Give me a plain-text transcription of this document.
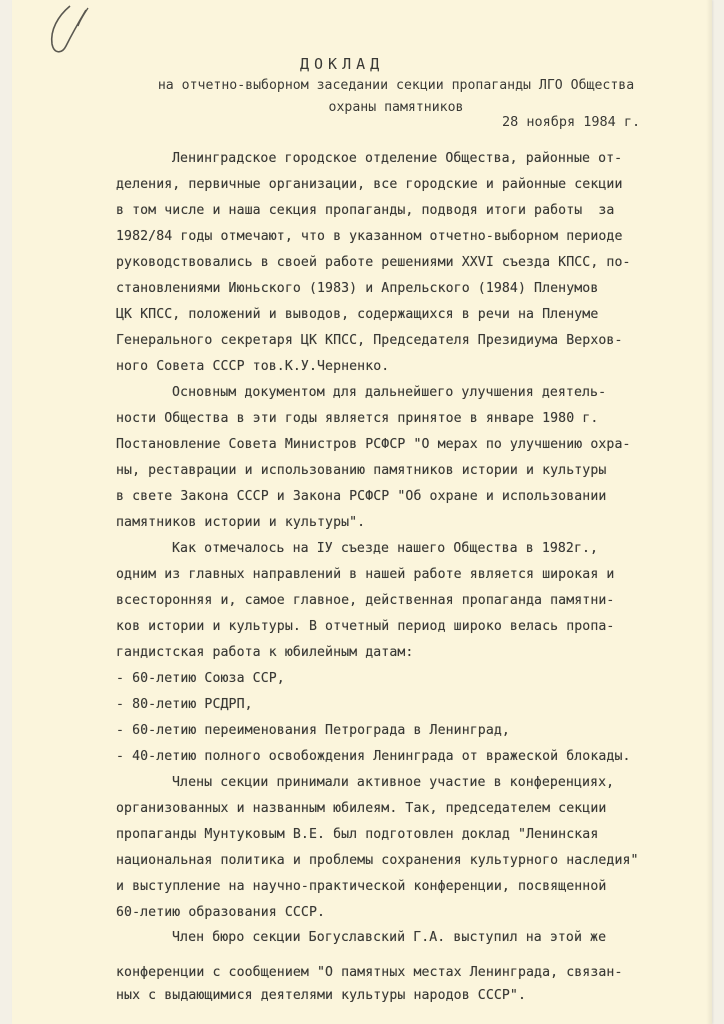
ДОКЛАД
на отчетно-выборном заседании секции пропаганды ЛГО Общества
охраны памятников
28 ноября 1984 г.
Ленинградское городское отделение Общества, районные от-
деления, первичные организации, все городские и районные секции
в том числе и наша секция пропаганды, подводя итоги работы  за
1982/84 годы отмечают, что в указанном отчетно-выборном периоде
руководствовались в своей работе решениями XXVI съезда КПСС, по-
становлениями Июньского (1983) и Апрельского (1984) Пленумов
ЦК КПСС, положений и выводов, содержащихся в речи на Пленуме
Генерального секретаря ЦК КПСС, Председателя Президиума Верхов-
ного Совета СССР тов.К.У.Черненко.
Основным документом для дальнейшего улучшения деятель-
ности Общества в эти годы является принятое в январе 1980 г.
Постановление Совета Министров РСФСР "О мерах по улучшению охра-
ны, реставрации и использованию памятников истории и культуры
в свете Закона СССР и Закона РСФСР "Об охране и использовании
памятников истории и культуры".
Как отмечалось на IУ съезде нашего Общества в 1982г.,
одним из главных направлений в нашей работе является широкая и
всесторонняя и, самое главное, действенная пропаганда памятни-
ков истории и культуры. В отчетный период широко велась пропа-
гандистская работа к юбилейным датам:
- 60-летию Союза ССР,
- 80-летию РСДРП,
- 60-летию переименования Петрограда в Ленинград,
- 40-летию полного освобождения Ленинграда от вражеской блокады.
Члены секции принимали активное участие в конференциях,
организованных и названным юбилеям. Так, председателем секции
пропаганды Мунтуковым В.Е. был подготовлен доклад "Ленинская
национальная политика и проблемы сохранения культурного наследия"
и выступление на научно-практической конференции, посвященной
60-летию образования СССР.
Член бюро секции Богуславский Г.А. выступил на этой же
конференции с сообщением "О памятных местах Ленинграда, связан-
ных с выдающимися деятелями культуры народов СССР".
